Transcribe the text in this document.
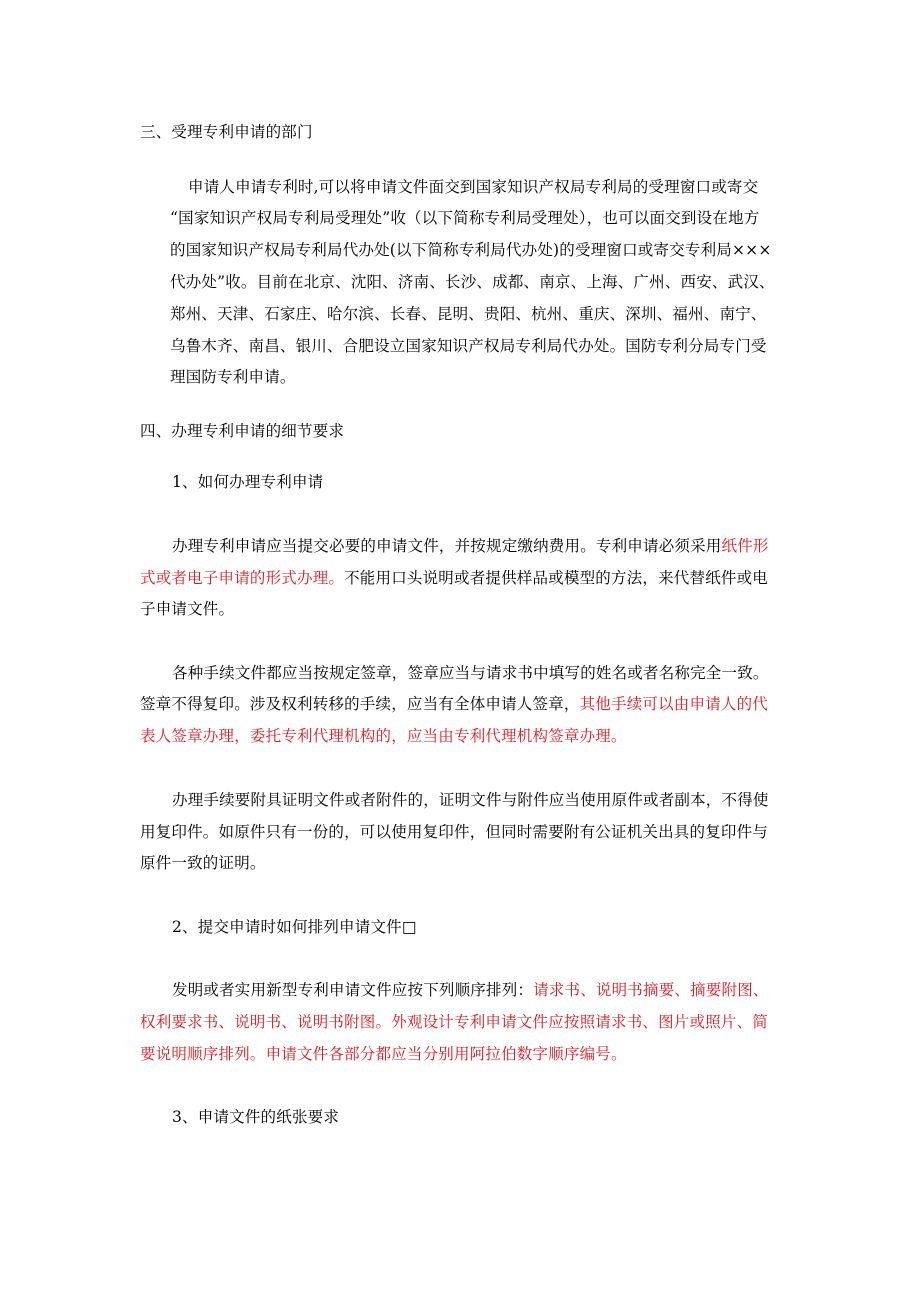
三、受理专利申请的部门
申请人申请专利时,可以将申请文件面交到国家知识产权局专利局的受理窗口或寄交
“国家知识产权局专利局受理处”收（以下简称专利局受理处），也可以面交到设在地方
的国家知识产权局专利局代办处(以下简称专利局代办处)的受理窗口或寄交专利局×××
代办处”收。目前在北京、沈阳、济南、长沙、成都、南京、上海、广州、西安、武汉、
郑州、天津、石家庄、哈尔滨、长春、昆明、贵阳、杭州、重庆、深圳、福州、南宁、
乌鲁木齐、南昌、银川、合肥设立国家知识产权局专利局代办处。国防专利分局专门受
理国防专利申请。
四、办理专利申请的细节要求
1、如何办理专利申请
办理专利申请应当提交必要的申请文件，并按规定缴纳费用。专利申请必须采用纸件形
式或者电子申请的形式办理。不能用口头说明或者提供样品或模型的方法，来代替纸件或电
子申请文件。
各种手续文件都应当按规定签章，签章应当与请求书中填写的姓名或者名称完全一致。
签章不得复印。涉及权利转移的手续，应当有全体申请人签章，其他手续可以由申请人的代
表人签章办理，委托专利代理机构的，应当由专利代理机构签章办理。
办理手续要附具证明文件或者附件的，证明文件与附件应当使用原件或者副本，不得使
用复印件。如原件只有一份的，可以使用复印件，但同时需要附有公证机关出具的复印件与
原件一致的证明。
2、提交申请时如何排列申请文件□
发明或者实用新型专利申请文件应按下列顺序排列：请求书、说明书摘要、摘要附图、
权利要求书、说明书、说明书附图。外观设计专利申请文件应按照请求书、图片或照片、简
要说明顺序排列。申请文件各部分都应当分别用阿拉伯数字顺序编号。
3、申请文件的纸张要求
